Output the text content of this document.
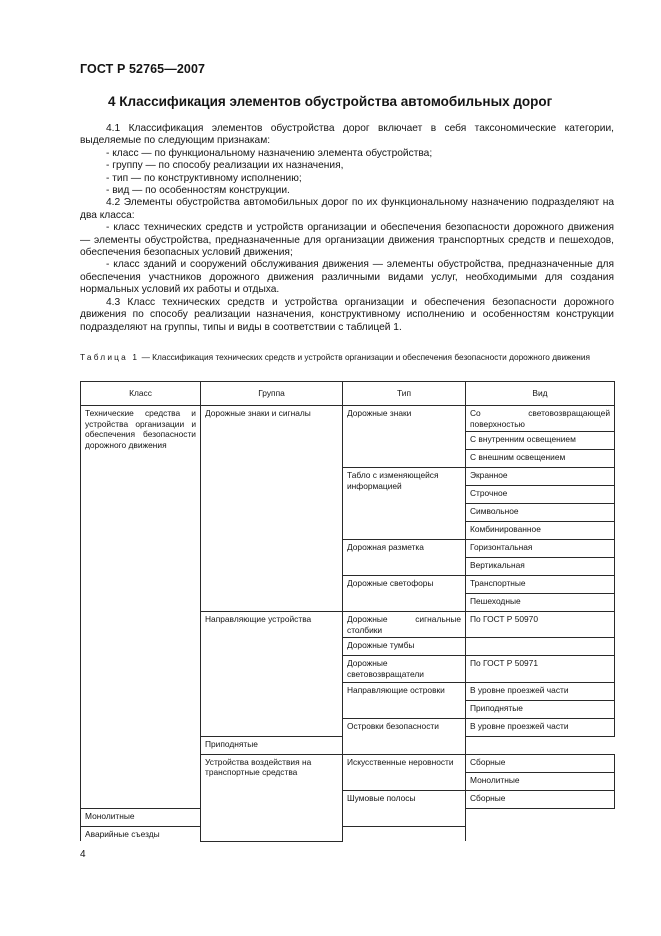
ГОСТ Р 52765—2007
4 Классификация элементов обустройства автомобильных дорог

4.1 Классификация элементов обустройства дорог включает в себя таксономические категории, выделяемые по следующим признакам:

- класс — по функциональному назначению элемента обустройства;

- группу — по способу реализации их назначения,

- тип — по конструктивному исполнению;

- вид — по особенностям конструкции.

4.2 Элементы обустройства автомобильных дорог по их функциональному назначению подразделяют на два класса:

- класс технических средств и устройств организации и обеспечения безопасности дорожного движения — элементы обустройства, предназначенные для организации движения транспортных средств и пешеходов, обеспечения безопасных условий движения;

- класс зданий и сооружений обслуживания движения — элементы обустройства, предназначенные для обеспечения участников дорожного движения различными видами услуг, необходимыми для создания нормальных условий их работы и отдыха.

4.3 Класс технических средств и устройства организации и обеспечения безопасности дорожного движения по способу реализации назначения, конструктивному исполнению и особенностям конструкции подразделяют на группы, типы и виды в соответствии с таблицей 1.

Таблица 1 — Классификация технических средств и устройств организации и обеспечения безопасности дорожного движения

Класс	Группа	Тип	Вид
Технические средства и устройства организации и обеспечения безопасности дорожного движения	Дорожные знаки и сигналы	Дорожные знаки	Со световозвращающей поверхностью
			С внутренним освещением
			С внешним освещением
		Табло с изменяющейся информацией	Экранное
			Строчное
			Символьное
			Комбинированное
		Дорожная разметка	Горизонтальная
			Вертикальная
		Дорожные светофоры	Транспортные
			Пешеходные
	Направляющие устройства	Дорожные сигнальные столбики	По ГОСТ Р 50970
		Дорожные тумбы	
		Дорожные световозвращатели	По ГОСТ Р 50971
		Направляющие островки	В уровне проезжей части
			Приподнятые
		Островки безопасности	В уровне проезжей части
	Приподнятые		
	Устройства воздействия на транспортные средства	Искусственные неровности	Сборные
			Монолитные
		Шумовые полосы	Сборные
Монолитные			
Аварийные съезды			
4
